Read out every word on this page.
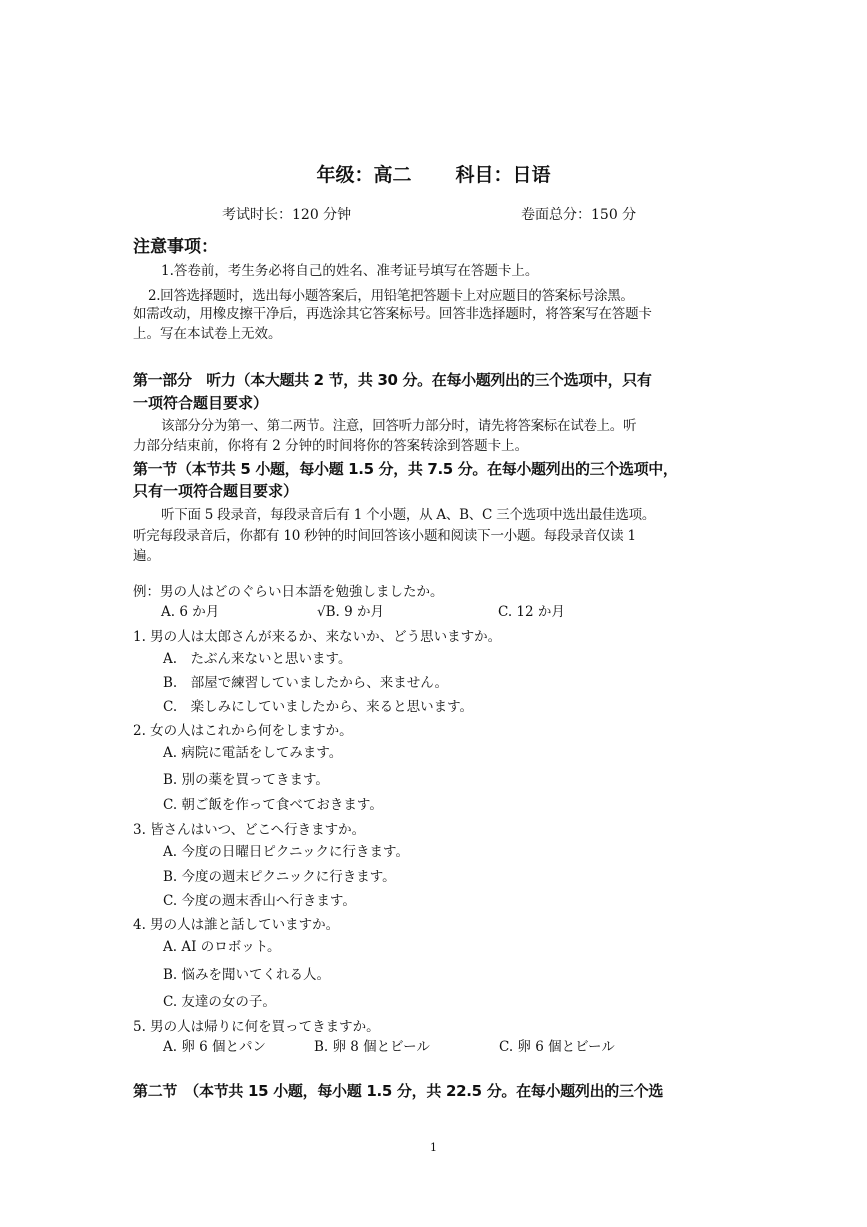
年级：高二 科目：日语
考试时长：120 分钟	卷面总分：150 分
注意事项：
1.答卷前，考生务必将自己的姓名、准考证号填写在答题卡上。
2.回答选择题时，选出每小题答案后，用铅笔把答题卡上对应题目的答案标号涂黑。
如需改动，用橡皮擦干净后，再选涂其它答案标号。回答非选择题时，将答案写在答题卡
上。写在本试卷上无效。
第一部分　听力（本大题共 2 节，共 30 分。在每小题列出的三个选项中，只有
一项符合题目要求）
该部分分为第一、第二两节。注意，回答听力部分时，请先将答案标在试卷上。听
力部分结束前，你将有 2 分钟的时间将你的答案转涂到答题卡上。
第一节（本节共 5 小题，每小题 1.5 分，共 7.5 分。在每小题列出的三个选项中，
只有一项符合题目要求）
听下面 5 段录音，每段录音后有 1 个小题，从 A、B、C 三个选项中选出最佳选项。
听完每段录音后，你都有 10 秒钟的时间回答该小题和阅读下一小题。每段录音仅读 1
遍。
例：男の人はどのぐらい日本語を勉強しましたか。
A. 6 か月	√B. 9 か月	C. 12 か月
1. 男の人は太郎さんが来るか、来ないか、どう思いますか。
A.　たぶん来ないと思います。
B.　部屋で練習していましたから、来ません。
C.　楽しみにしていましたから、来ると思います。
2. 女の人はこれから何をしますか。
A. 病院に電話をしてみます。
B. 別の薬を買ってきます。
C. 朝ご飯を作って食べておきます。
3. 皆さんはいつ、どこへ行きますか。
A. 今度の日曜日ピクニックに行きます。
B. 今度の週末ピクニックに行きます。
C. 今度の週末香山へ行きます。
4. 男の人は誰と話していますか。
A. AI のロボット。
B. 悩みを聞いてくれる人。
C. 友達の女の子。
5. 男の人は帰りに何を買ってきますか。
A. 卵 6 個とパン	B. 卵 8 個とビール	C. 卵 6 個とビール
第二节　（本节共 15 小题，每小题 1.5 分，共 22.5 分。在每小题列出的三个选
1
